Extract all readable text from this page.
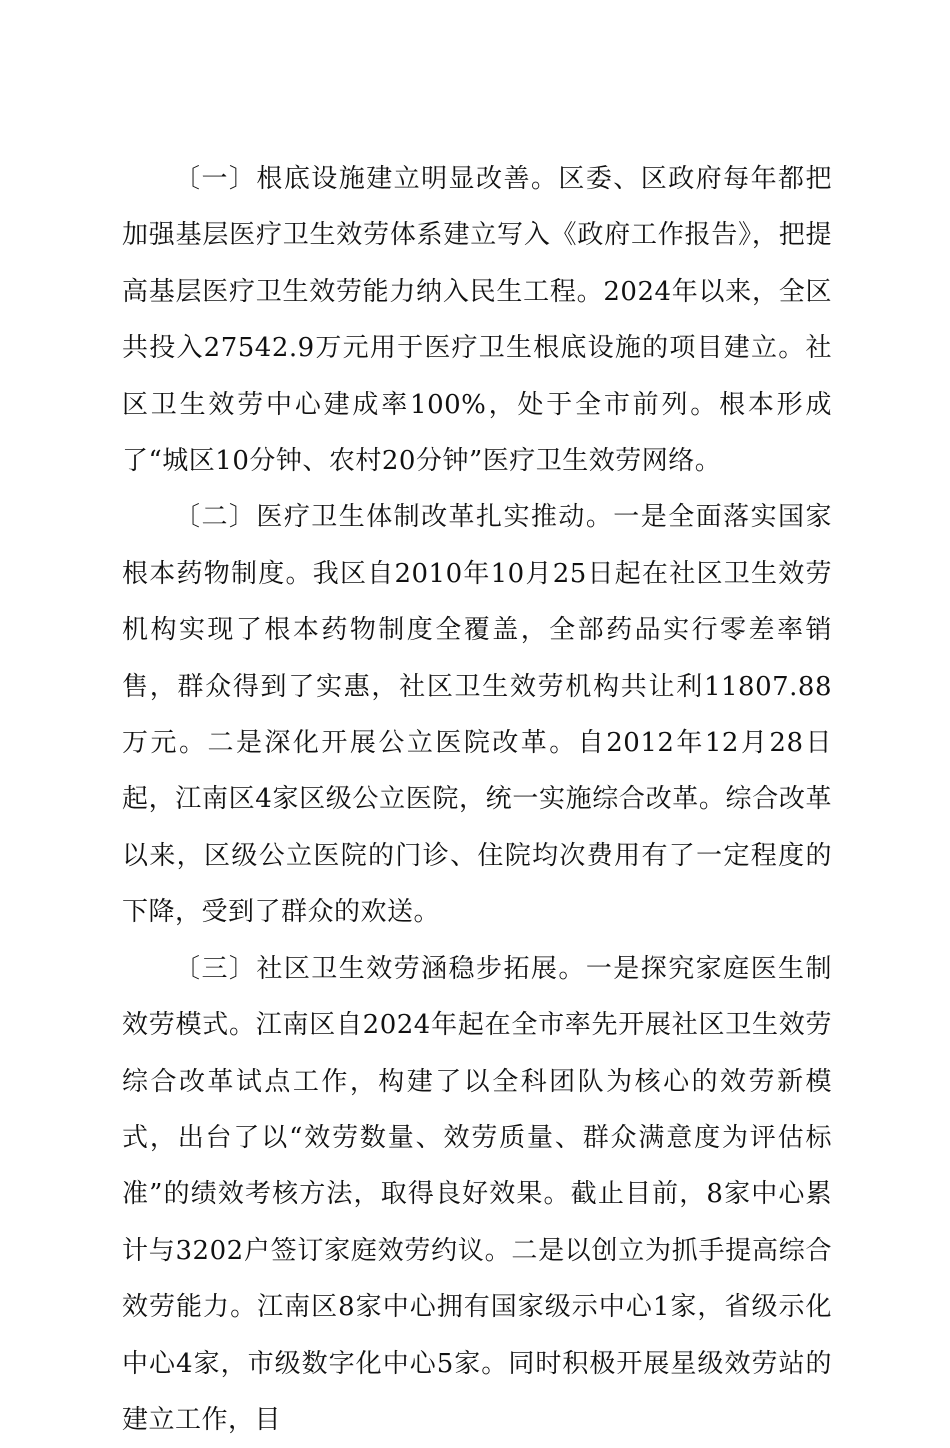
〔一〕根底设施建立明显改善。区委、区政府每年都把加强基层医疗卫生效劳体系建立写入《政府工作报告》，把提高基层医疗卫生效劳能力纳入民生工程。2024年以来，全区共投入27542.9万元用于医疗卫生根底设施的项目建立。社区卫生效劳中心建成率100%，处于全市前列。根本形成了“城区10分钟、农村20分钟”医疗卫生效劳网络。

〔二〕医疗卫生体制改革扎实推动。一是全面落实国家根本药物制度。我区自2010年10月25日起在社区卫生效劳机构实现了根本药物制度全覆盖，全部药品实行零差率销售，群众得到了实惠，社区卫生效劳机构共让利11807.88万元。二是深化开展公立医院改革。自2012年12月28日起，江南区4家区级公立医院，统一实施综合改革。综合改革以来，区级公立医院的门诊、住院均次费用有了一定程度的下降，受到了群众的欢送。

〔三〕社区卫生效劳涵稳步拓展。一是探究家庭医生制效劳模式。江南区自2024年起在全市率先开展社区卫生效劳综合改革试点工作，构建了以全科团队为核心的效劳新模式，出台了以“效劳数量、效劳质量、群众满意度为评估标准”的绩效考核方法，取得良好效果。截止目前，8家中心累计与3202户签订家庭效劳约议。二是以创立为抓手提高综合效劳能力。江南区8家中心拥有国家级示中心1家，省级示化中心4家，市级数字化中心5家。同时积极开展星级效劳站的建立工作，目
